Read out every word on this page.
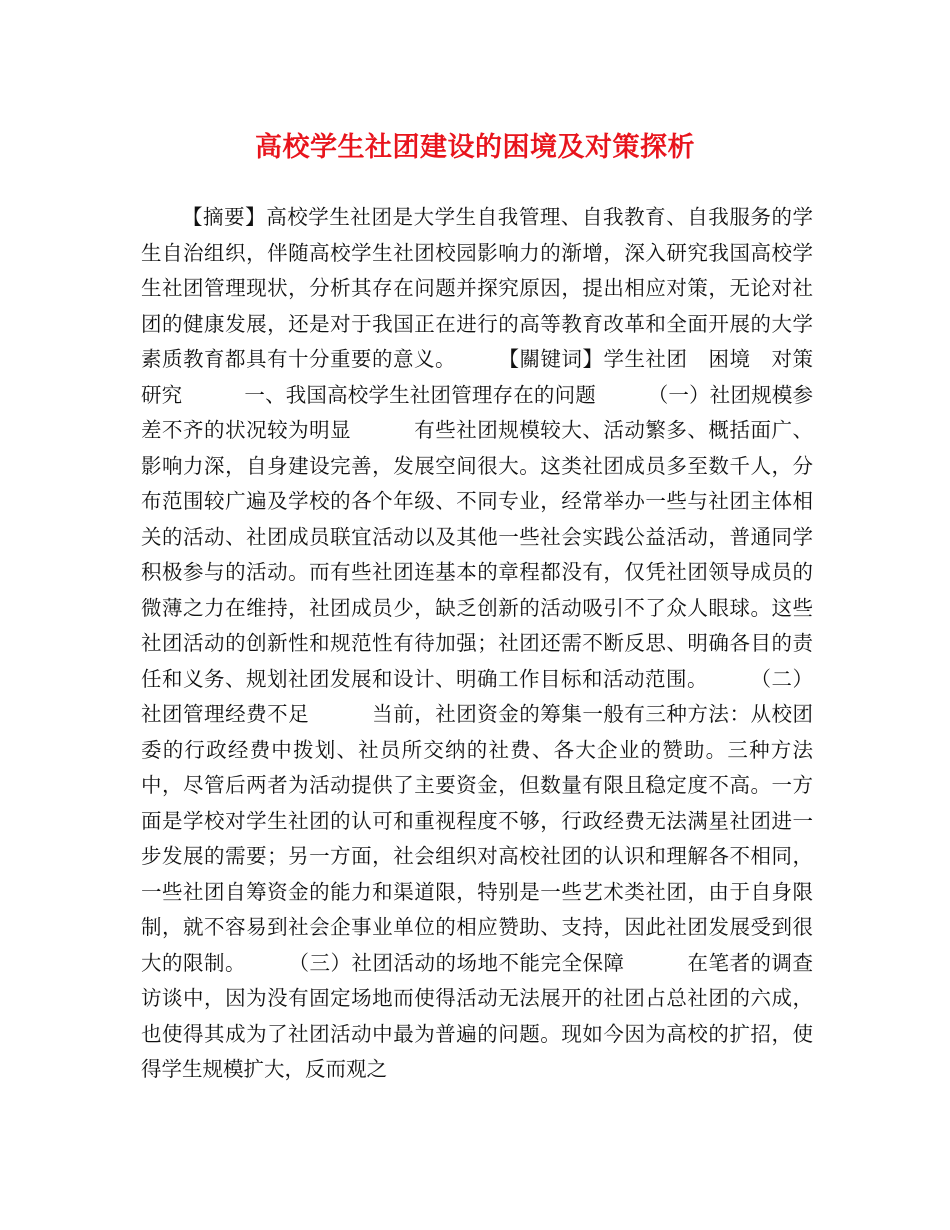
高校学生社团建设的困境及对策探析
【摘要】高校学生社团是大学生自我管理、自我教育、自我服务的学生自治组织，伴随高校学生社团校园影响力的渐增，深入研究我国高校学生社团管理现状，分析其存在问题并探究原因，提出相应对策，无论对社团的健康发展，还是对于我国正在进行的高等教育改革和全面开展的大学素质教育都具有十分重要的意义。　　　【關键词】学生社团　困境　对策研究　　　一、我国高校学生社团管理存在的问题　　　（一）社团规模参差不齐的状况较为明显　　　有些社团规模较大、活动繁多、概括面广、影响力深，自身建设完善，发展空间很大。这类社团成员多至数千人，分布范围较广遍及学校的各个年级、不同专业，经常举办一些与社团主体相关的活动、社团成员联宜活动以及其他一些社会实践公益活动，普通同学积极参与的活动。而有些社团连基本的章程都没有，仅凭社团领导成员的微薄之力在维持，社团成员少，缺乏创新的活动吸引不了众人眼球。这些社团活动的创新性和规范性有待加强；社团还需不断反思、明确各目的责任和义务、规划社团发展和设计、明确工作目标和活动范围。　　　（二）社团管理经费不足　　　当前，社团资金的筹集一般有三种方法：从校团委的行政经费中拨划、社员所交纳的社费、各大企业的赞助。三种方法中，尽管后两者为活动提供了主要资金，但数量有限且稳定度不高。一方面是学校对学生社团的认可和重视程度不够，行政经费无法满星社团进一步发展的需要；另一方面，社会组织对高校社团的认识和理解各不相同，一些社团自筹资金的能力和渠道限，特别是一些艺术类社团，由于自身限制，就不容易到社会企事业单位的相应赞助、支持，因此社团发展受到很大的限制。　　　（三）社团活动的场地不能完全保障　　　在笔者的调查访谈中，因为没有固定场地而使得活动无法展开的社团占总社团的六成，也使得其成为了社团活动中最为普遍的问题。现如今因为高校的扩招，使得学生规模扩大，反而观之
